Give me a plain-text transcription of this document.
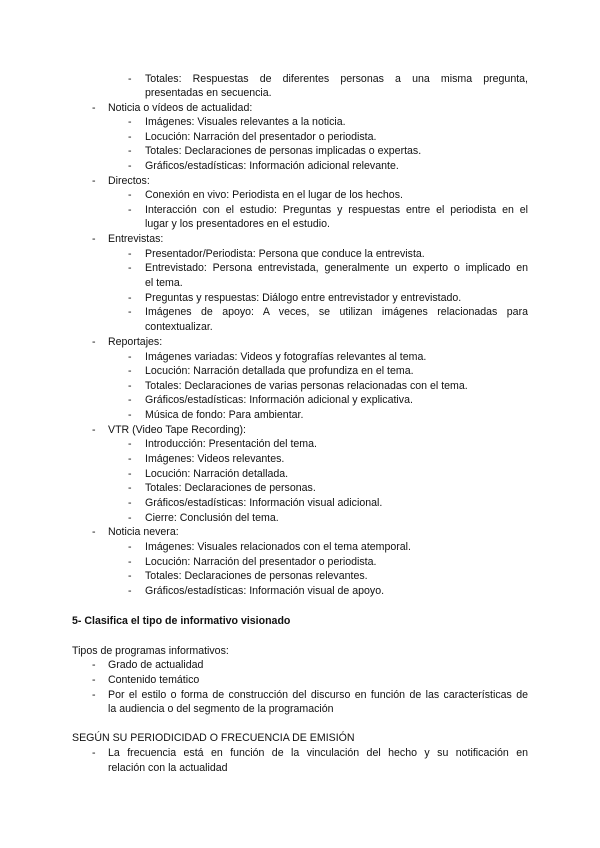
- Totales: Respuestas de diferentes personas a una misma pregunta,
presentadas en secuencia.
- Noticia o vídeos de actualidad:
- Imágenes: Visuales relevantes a la noticia.
- Locución: Narración del presentador o periodista.
- Totales: Declaraciones de personas implicadas o expertas.
- Gráficos/estadísticas: Información adicional relevante.
- Directos:
- Conexión en vivo: Periodista en el lugar de los hechos.
- Interacción con el estudio: Preguntas y respuestas entre el periodista en el
lugar y los presentadores en el estudio.
- Entrevistas:
- Presentador/Periodista: Persona que conduce la entrevista.
- Entrevistado: Persona entrevistada, generalmente un experto o implicado en
el tema.
- Preguntas y respuestas: Diálogo entre entrevistador y entrevistado.
- Imágenes de apoyo: A veces, se utilizan imágenes relacionadas para
contextualizar.
- Reportajes:
- Imágenes variadas: Videos y fotografías relevantes al tema.
- Locución: Narración detallada que profundiza en el tema.
- Totales: Declaraciones de varias personas relacionadas con el tema.
- Gráficos/estadísticas: Información adicional y explicativa.
- Música de fondo: Para ambientar.
- VTR (Video Tape Recording):
- Introducción: Presentación del tema.
- Imágenes: Videos relevantes.
- Locución: Narración detallada.
- Totales: Declaraciones de personas.
- Gráficos/estadísticas: Información visual adicional.
- Cierre: Conclusión del tema.
- Noticia nevera:
- Imágenes: Visuales relacionados con el tema atemporal.
- Locución: Narración del presentador o periodista.
- Totales: Declaraciones de personas relevantes.
- Gráficos/estadísticas: Información visual de apoyo.
5- Clasifica el tipo de informativo visionado
Tipos de programas informativos:
- Grado de actualidad
- Contenido temático
- Por el estilo o forma de construcción del discurso en función de las características de
la audiencia o del segmento de la programación
SEGÚN SU PERIODICIDAD O FRECUENCIA DE EMISIÓN
- La frecuencia está en función de la vinculación del hecho y su notificación en
relación con la actualidad
